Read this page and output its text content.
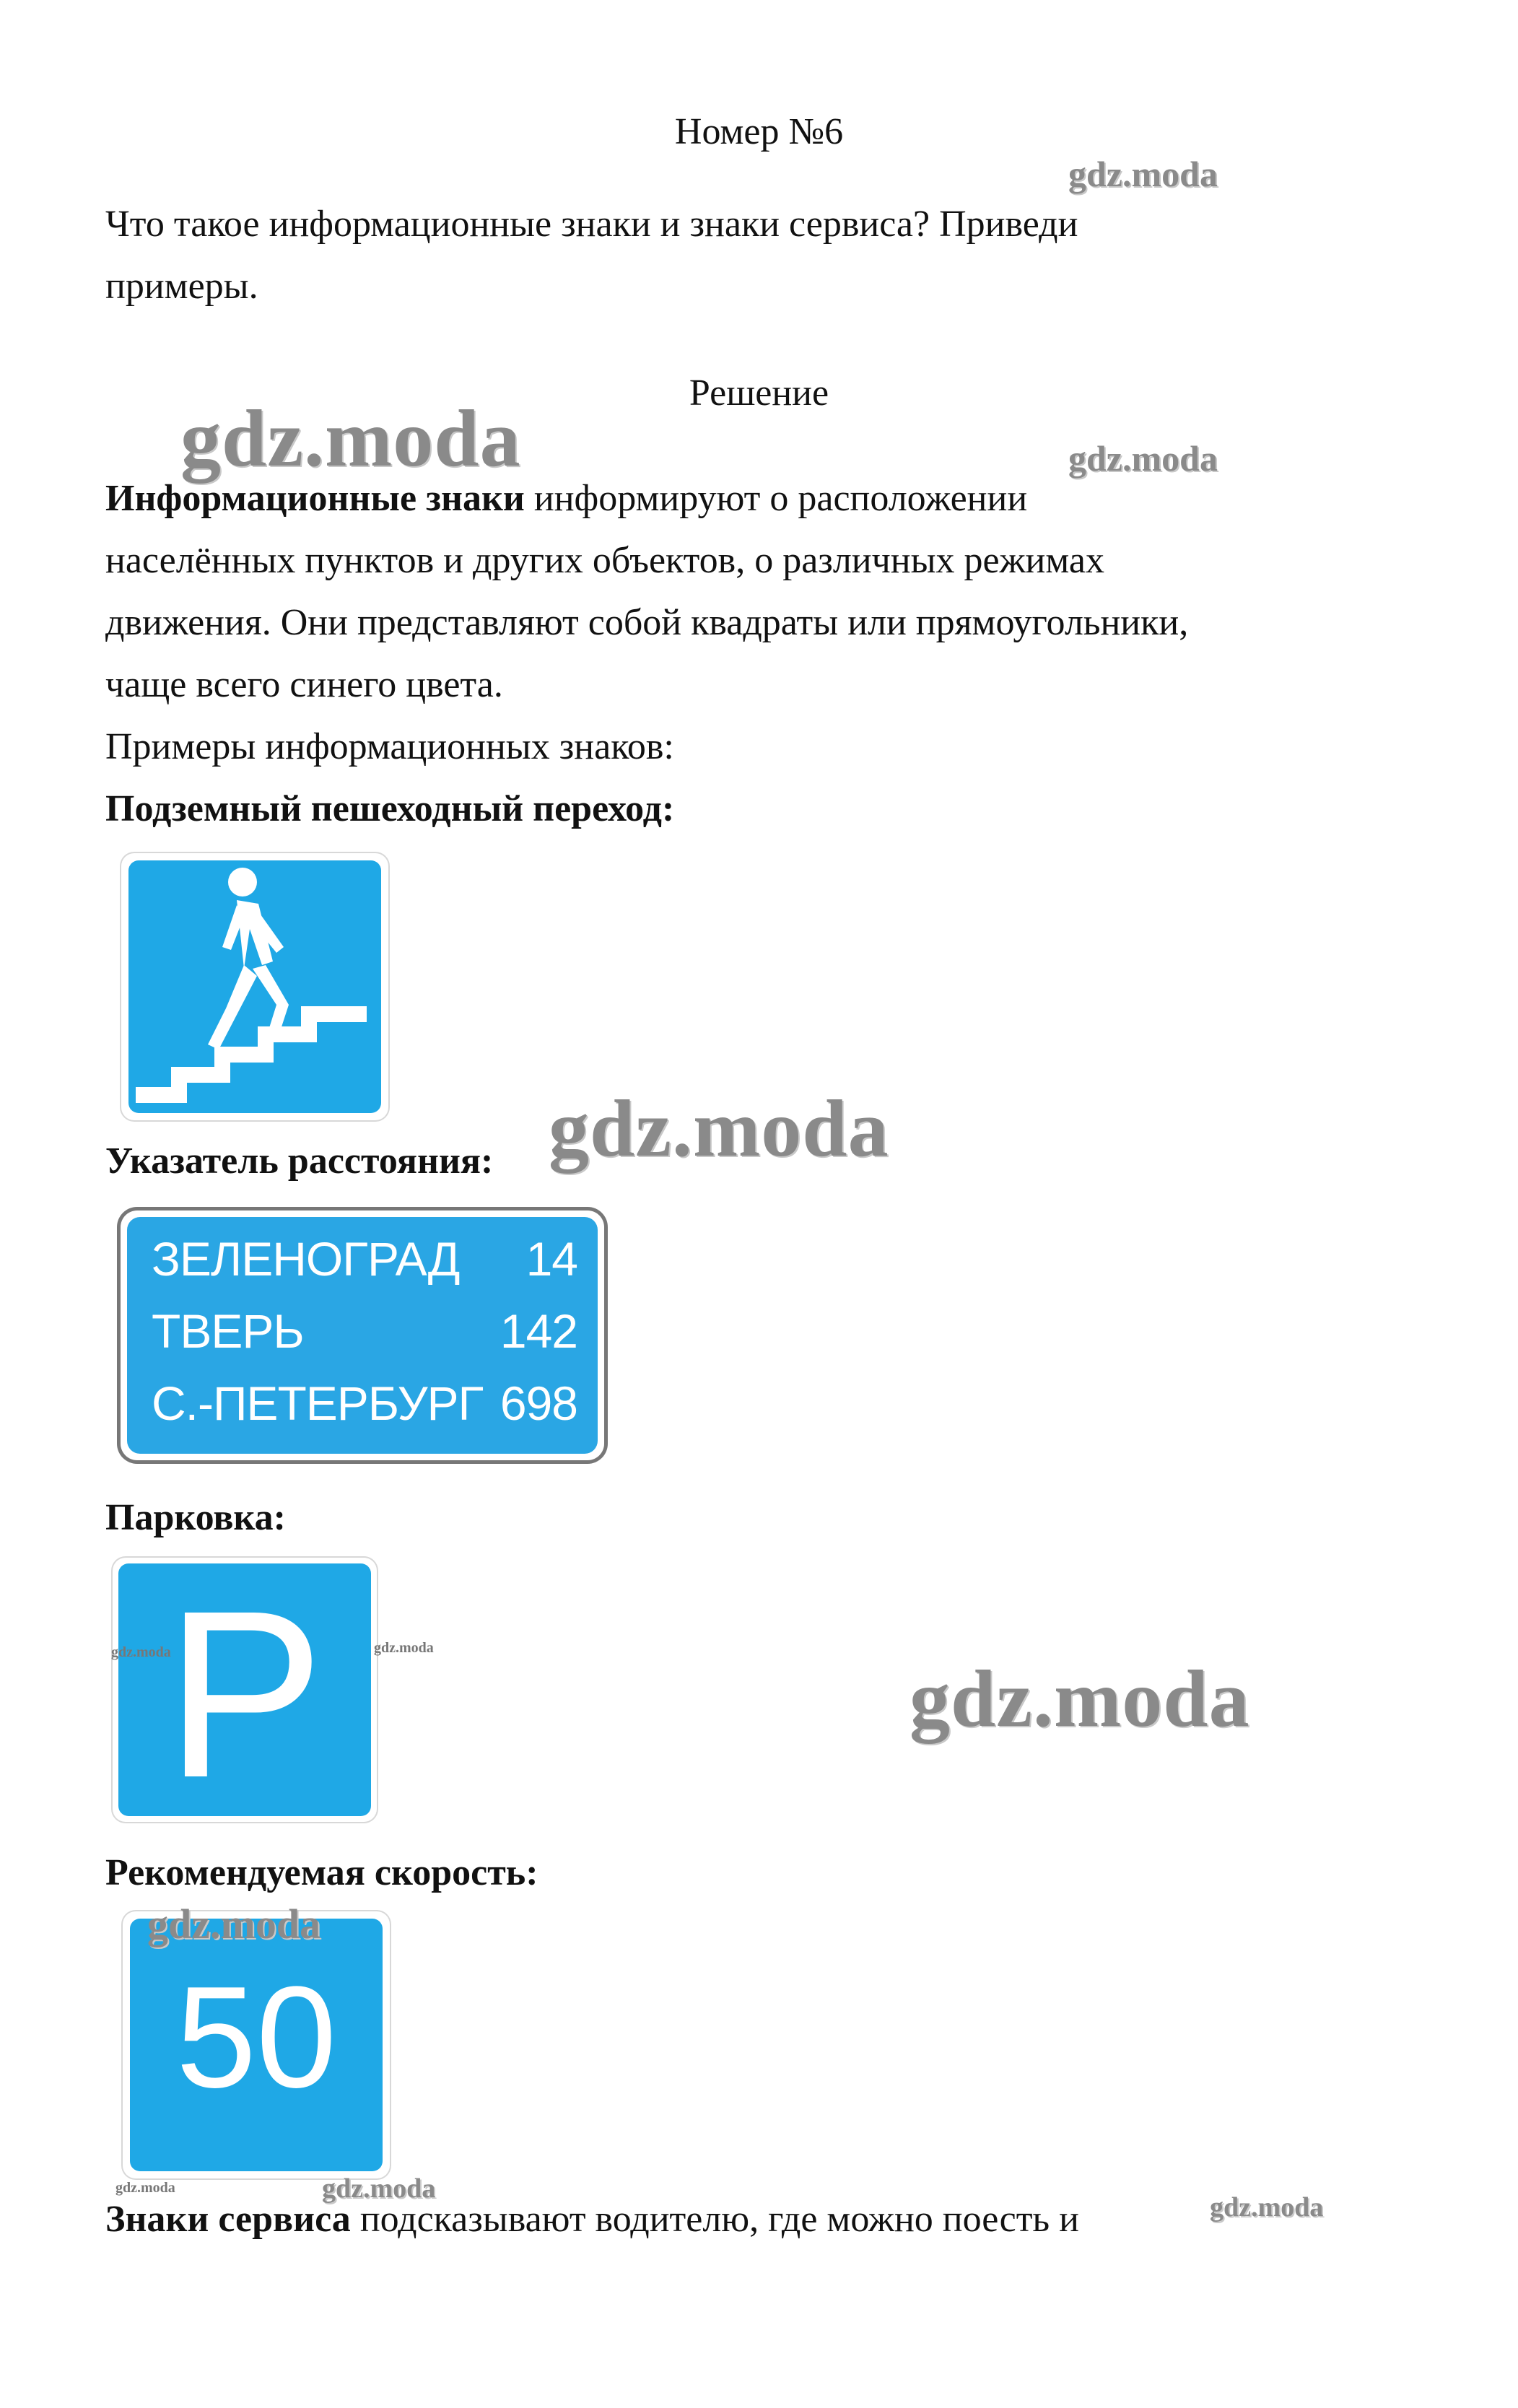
Номер №6
Что такое информационные знаки и знаки сервиса? Приведи
примеры.
Решение
Информационные знаки информируют о расположении
населённых пунктов и других объектов, о различных режимах
движения. Они представляют собой квадраты или прямоугольники,
чаще всего синего цвета.
Примеры информационных знаков:
Подземный пешеходный переход:
Указатель расстояния:
ЗЕЛЕНОГРАД 14
ТВЕРЬ	142
С.-ПЕТЕРБУРГ 698
Парковка:
P
Рекомендуемая скорость:
50
Знаки сервиса подсказывают водителю, где можно поесть и
gdz.moda
gdz.moda	gdz.moda
gdz.moda
gdz.moda	gdz.moda
gdz.moda
gdz.moda
gdz.moda	gdz.moda
gdz.moda
